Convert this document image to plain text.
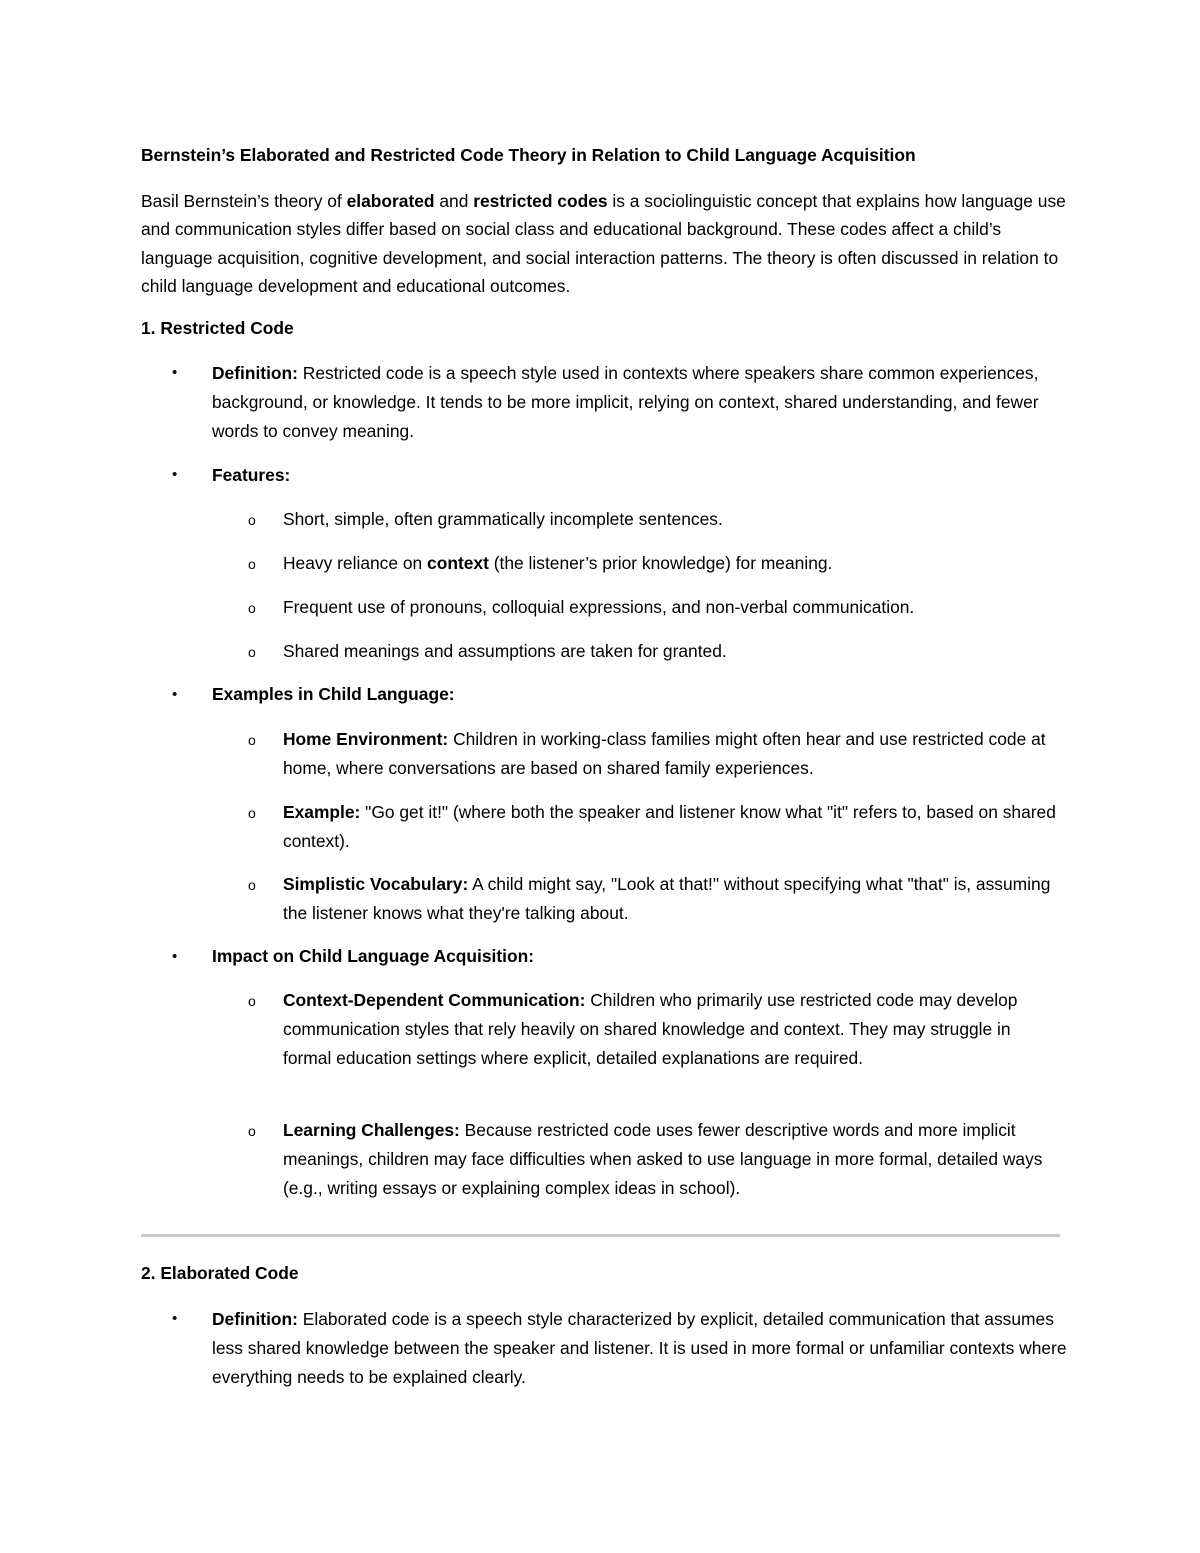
Bernstein’s Elaborated and Restricted Code Theory in Relation to Child Language Acquisition

Basil Bernstein’s theory of elaborated and restricted codes is a sociolinguistic concept that explains how language use and communication styles differ based on social class and educational background. These codes affect a child’s language acquisition, cognitive development, and social interaction patterns. The theory is often discussed in relation to child language development and educational outcomes.

1. Restricted Code

• Definition: Restricted code is a speech style used in contexts where speakers share common experiences, background, or knowledge. It tends to be more implicit, relying on context, shared understanding, and fewer words to convey meaning.

• Features:

o Short, simple, often grammatically incomplete sentences.

o Heavy reliance on context (the listener’s prior knowledge) for meaning.

o Frequent use of pronouns, colloquial expressions, and non-verbal communication.

o Shared meanings and assumptions are taken for granted.

• Examples in Child Language:

o Home Environment: Children in working-class families might often hear and use restricted code at home, where conversations are based on shared family experiences.

o Example: "Go get it!" (where both the speaker and listener know what "it" refers to, based on shared context).

o Simplistic Vocabulary: A child might say, "Look at that!" without specifying what "that" is, assuming the listener knows what they're talking about.

• Impact on Child Language Acquisition:

o Context-Dependent Communication: Children who primarily use restricted code may develop communication styles that rely heavily on shared knowledge and context. They may struggle in formal education settings where explicit, detailed explanations are required.

o Learning Challenges: Because restricted code uses fewer descriptive words and more implicit meanings, children may face difficulties when asked to use language in more formal, detailed ways (e.g., writing essays or explaining complex ideas in school).

2. Elaborated Code

• Definition: Elaborated code is a speech style characterized by explicit, detailed communication that assumes less shared knowledge between the speaker and listener. It is used in more formal or unfamiliar contexts where everything needs to be explained clearly.
